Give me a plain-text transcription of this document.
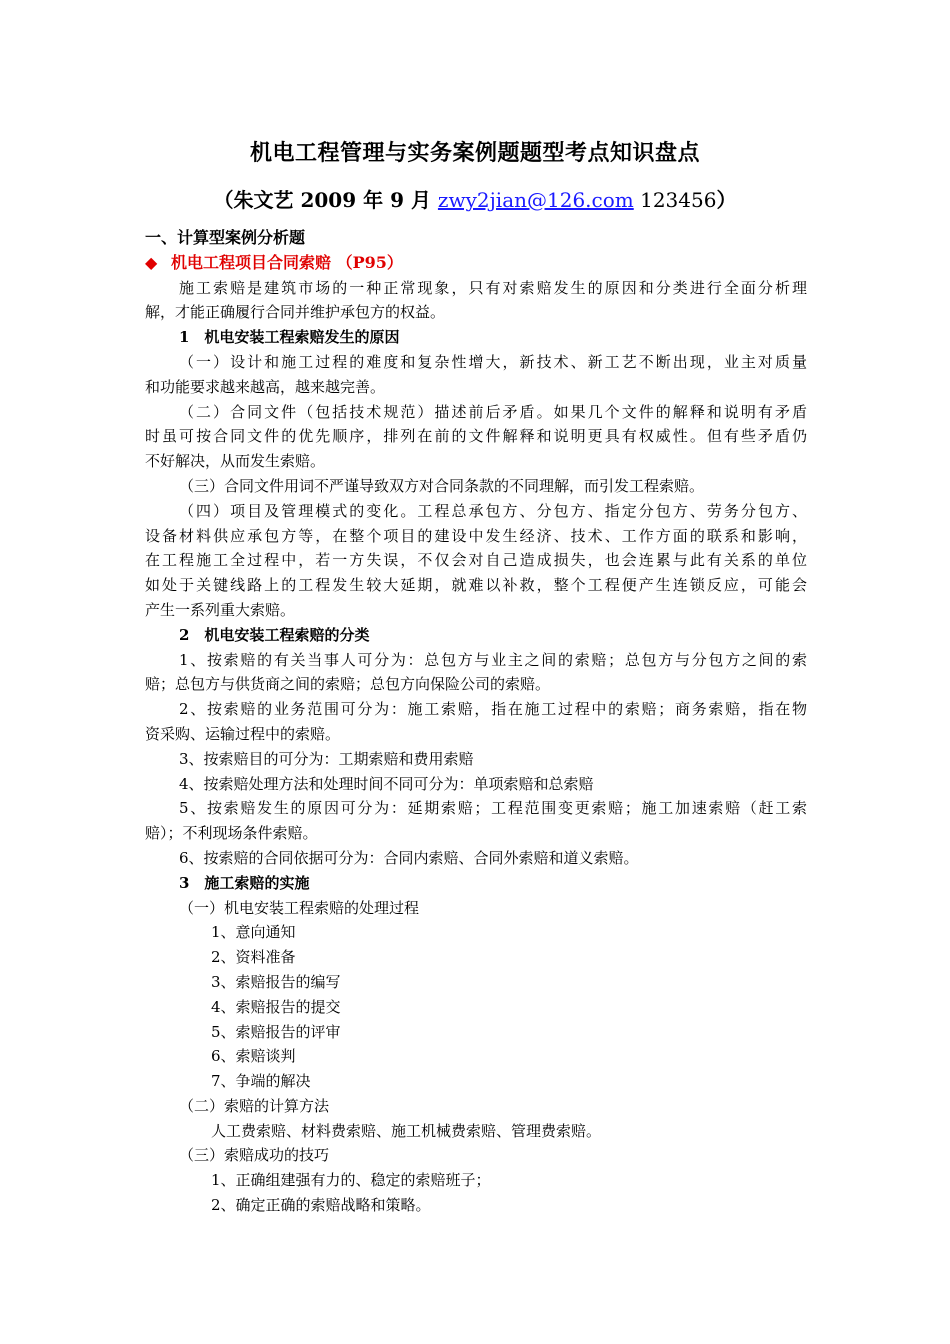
机电工程管理与实务案例题题型考点知识盘点
（朱文艺 2009 年 9 月 zwy2jian@126.com 123456）
一、计算型案例分析题
◆ 机电工程项目合同索赔 （P95）
施工索赔是建筑市场的一种正常现象，只有对索赔发生的原因和分类进行全面分析理
解，才能正确履行合同并维护承包方的权益。
1　机电安装工程索赔发生的原因
（一）设计和施工过程的难度和复杂性增大，新技术、新工艺不断出现，业主对质量
和功能要求越来越高，越来越完善。
（二）合同文件（包括技术规范）描述前后矛盾。如果几个文件的解释和说明有矛盾
时虽可按合同文件的优先顺序，排列在前的文件解释和说明更具有权威性。但有些矛盾仍
不好解决，从而发生索赔。
（三）合同文件用词不严谨导致双方对合同条款的不同理解，而引发工程索赔。
（四）项目及管理模式的变化。工程总承包方、分包方、指定分包方、劳务分包方、
设备材料供应承包方等，在整个项目的建设中发生经济、技术、工作方面的联系和影响，
在工程施工全过程中，若一方失误，不仅会对自己造成损失，也会连累与此有关系的单位
如处于关键线路上的工程发生较大延期，就难以补救，整个工程便产生连锁反应，可能会
产生一系列重大索赔。
2　机电安装工程索赔的分类
1、按索赔的有关当事人可分为：总包方与业主之间的索赔；总包方与分包方之间的索
赔；总包方与供货商之间的索赔；总包方向保险公司的索赔。
2、按索赔的业务范围可分为：施工索赔，指在施工过程中的索赔；商务索赔，指在物
资采购、运输过程中的索赔。
3、按索赔目的可分为：工期索赔和费用索赔
4、按索赔处理方法和处理时间不同可分为：单项索赔和总索赔
5、按索赔发生的原因可分为：延期索赔；工程范围变更索赔；施工加速索赔（赶工索
赔）；不利现场条件索赔。
6、按索赔的合同依据可分为：合同内索赔、合同外索赔和道义索赔。
3　施工索赔的实施
（一）机电安装工程索赔的处理过程
1、意向通知
2、资料准备
3、索赔报告的编写
4、索赔报告的提交
5、索赔报告的评审
6、索赔谈判
7、争端的解决
（二）索赔的计算方法
人工费索赔、材料费索赔、施工机械费索赔、管理费索赔。
（三）索赔成功的技巧
1、正确组建强有力的、稳定的索赔班子；
2、确定正确的索赔战略和策略。
